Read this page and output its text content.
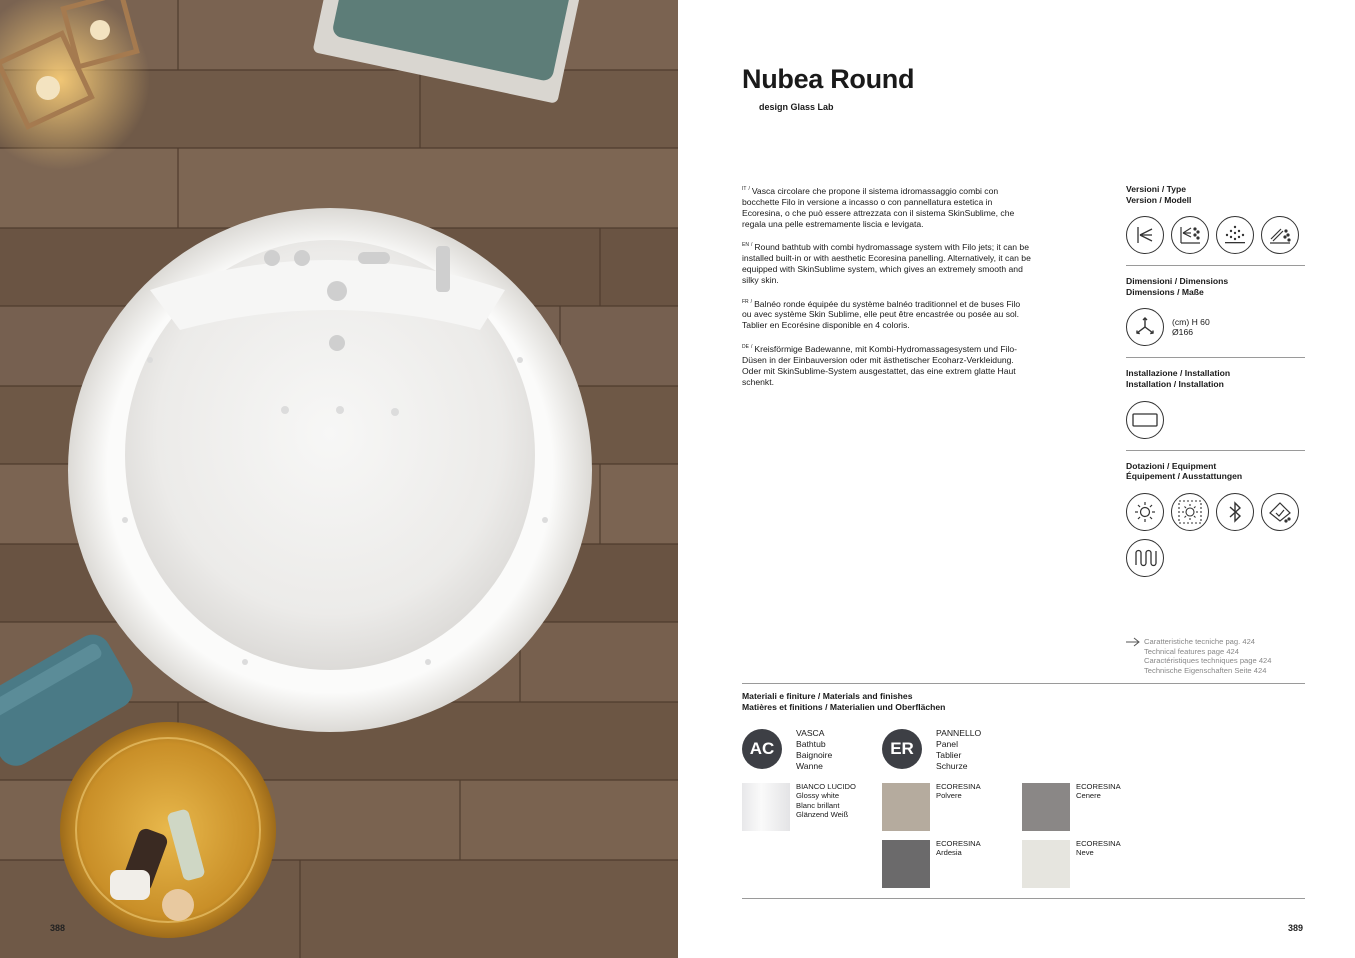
388
Nubea Round
design Glass Lab

$^{IT}$ / Vasca circolare che propone il sistema idromassaggio combi con bocchette Filo in versione a incasso o con pannellatura estetica in Ecoresina, o che può essere attrezzata con il sistema SkinSublime, che regala una pelle estremamente liscia e levigata.

$^{EN}$ / Round bathtub with combi hydromassage system with Filo jets; it can be installed built-in or with aesthetic Ecoresina panelling. Alternatively, it can be equipped with SkinSublime system, which gives an extremely smooth and silky skin.

$^{FR}$ / Balnéo ronde équipée du système balnéo traditionnel et de buses Filo ou avec système Skin Sublime, elle peut être encastrée ou posée au sol. Tablier en Ecorésine disponible en 4 coloris.

$^{DE}$ / Kreisförmige Badewanne, mit Kombi-Hydromassagesystem und Filo-Düsen in der Einbauversion oder mit ästhetischer Ecoharz-Verkleidung. Oder mit SkinSublime-System ausgestattet, das eine extrem glatte Haut schenkt.

Versioni / Type
Version / Modell
Dimensioni / Dimensions
Dimensions / Maße
(cm) H 60
Ø166
Installazione / Installation
Installation / Installation
Dotazioni / Equipment
Équipement / Ausstattungen
Caratteristiche tecniche pag. 424
Technical features page 424
Caractéristiques techniques page 424
Technische Eigenschaften Seite 424
Materiali e finiture / Materials and finishes
Matières et finitions / Materialien und Oberflächen
AC
VASCA
Bathtub
Baignoire
Wanne
ER
PANNELLO
Panel
Tablier
Schurze
BIANCO LUCIDO
Glossy white
Blanc brillant
Glänzend Weiß
ECORESINA
Polvere
ECORESINA
Cenere
ECORESINA
Ardesia
ECORESINA
Neve
389
